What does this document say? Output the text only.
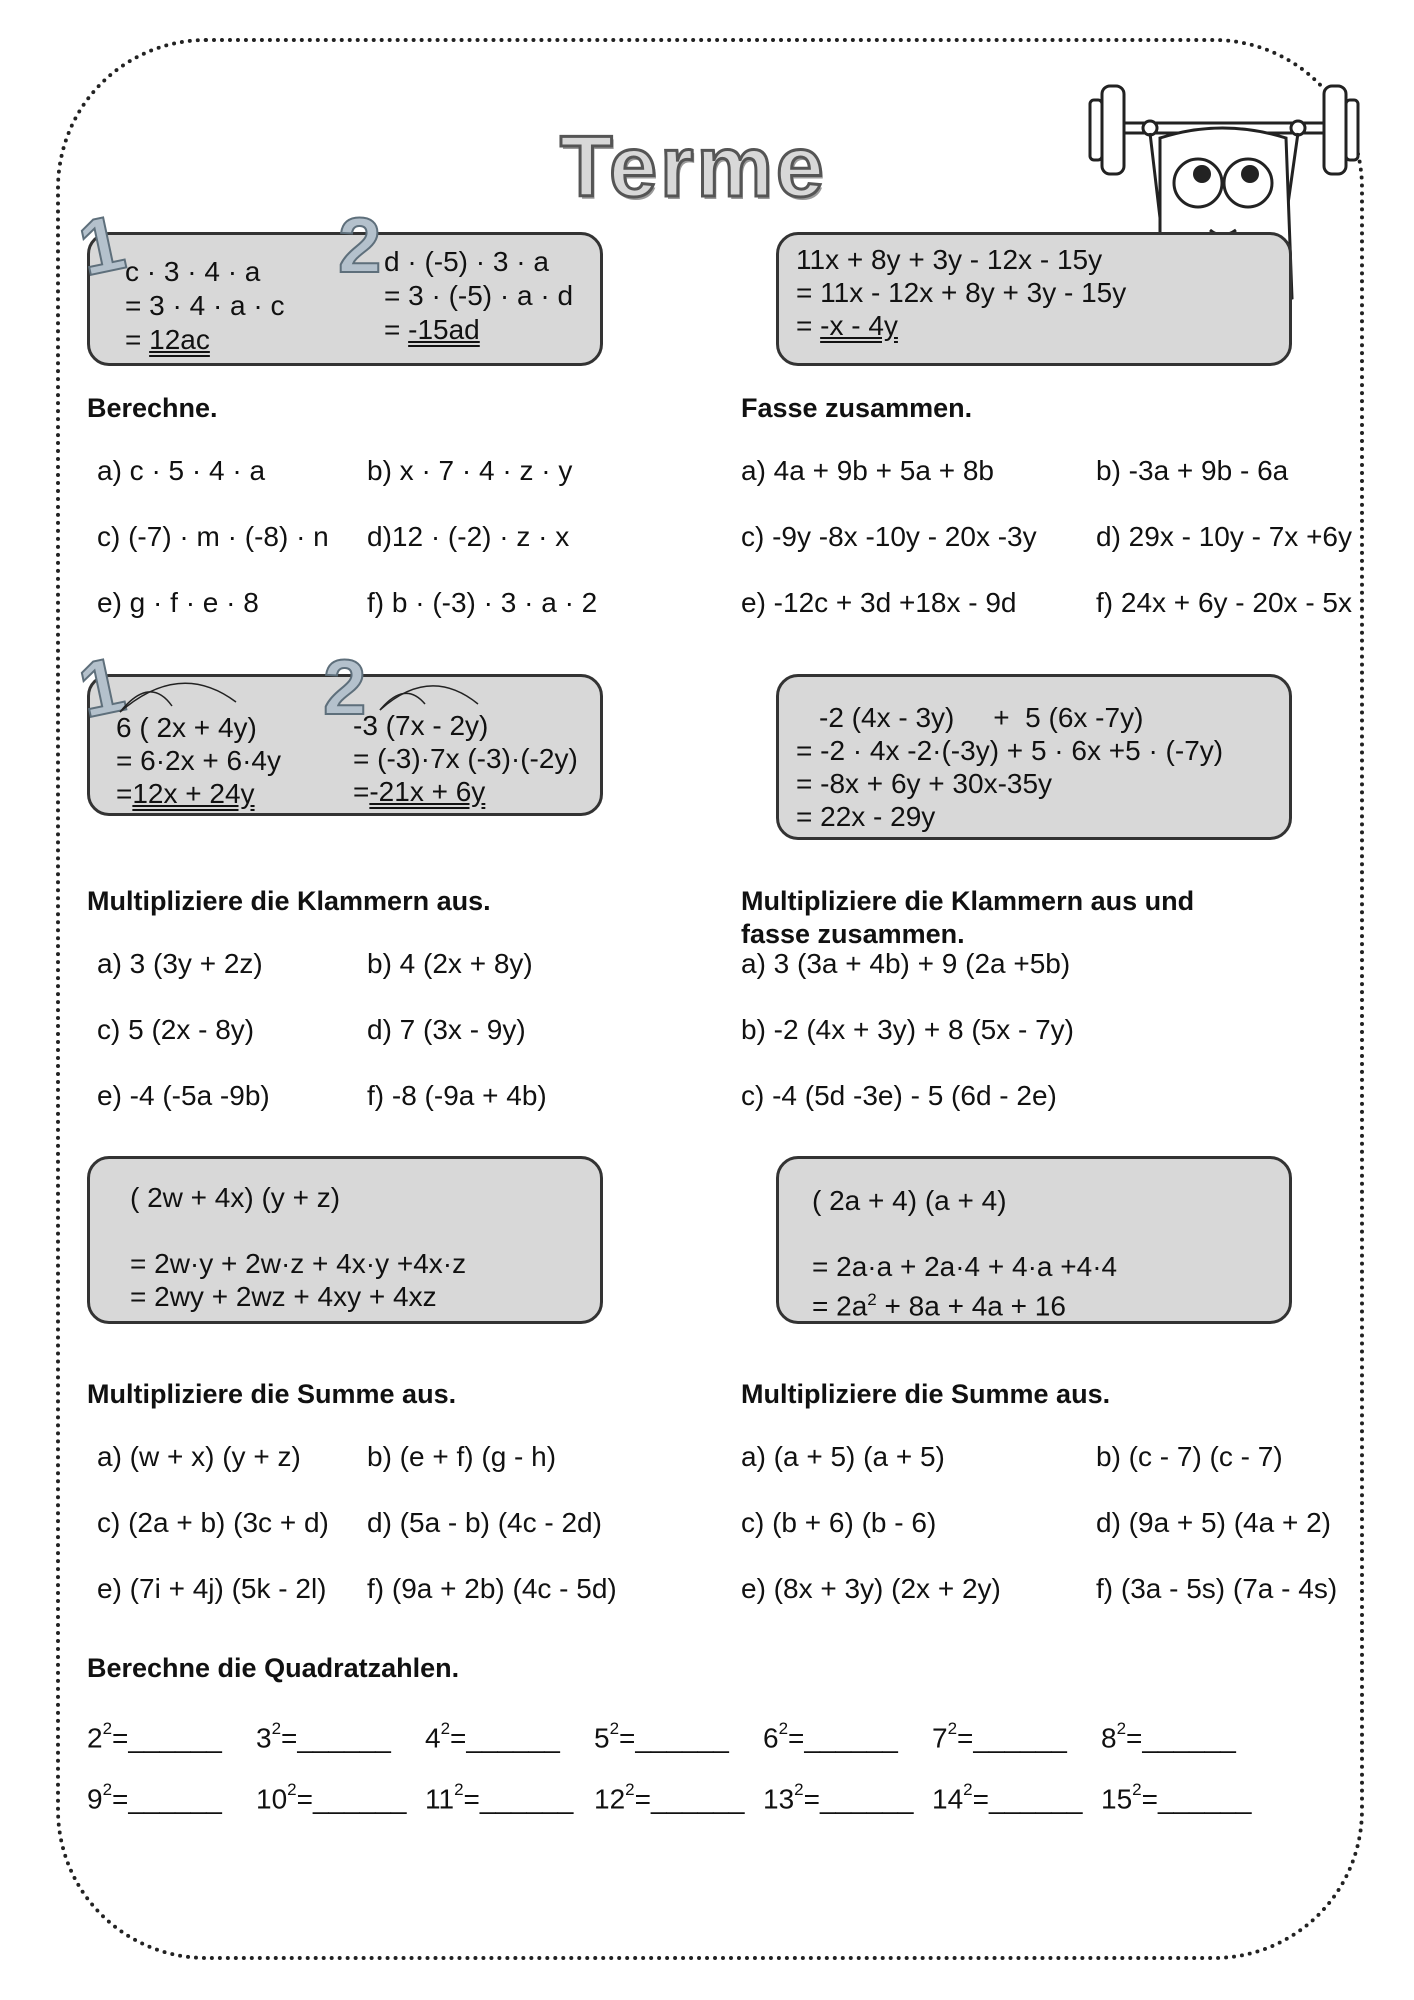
Terme
c · 3 · 4 · a
= 3 · 4 · a · c
= 12ac
d · (-5) · 3 · a
= 3 · (-5) · a · d
= -15ad
1	2	11x + 8y + 3y - 12x - 15y
= 11x - 12x + 8y + 3y - 15y
= -x - 4y
Berechne.
a) c · 5 · 4 · a	b) x · 7 · 4 · z · y
c) (-7) · m · (-8) · n d)12 · (-2) · z · x
e) g · f · e · 8	f) b · (-3) · 3 · a · 2
Fasse zusammen.
a) 4a + 9b + 5a + 8b	b) -3a + 9b - 6a
c) -9y -8x -10y - 20x -3y d) 29x - 10y - 7x +6y
e) -12c + 3d +18x - 9d	f) 24x + 6y - 20x - 5x
6 ( 2x + 4y)
= 6·2x + 6·4y
=12x + 24y
-3 (7x - 2y)
= (-3)·7x (-3)·(-2y)
=-21x + 6y
1 2	-2 (4x - 3y)     +  5 (6x -7y)
= -2 · 4x -2·(-3y) + 5 · 6x +5 · (-7y)
= -8x + 6y + 30x-35y
= 22x - 29y
Multipliziere die Klammern aus.
a) 3 (3y + 2z)	b) 4 (2x + 8y)
c) 5 (2x - 8y)	d) 7 (3x - 9y)
e) -4 (-5a -9b)	f) -8 (-9a + 4b)
Multipliziere die Klammern aus und
fasse zusammen.
a) 3 (3a + 4b) + 9 (2a +5b)
b) -2 (4x + 3y) + 8 (5x - 7y)
c) -4 (5d -3e) - 5 (6d - 2e)
( 2w + 4x) (y + z)
= 2w·y + 2w·z + 4x·y +4x·z
= 2wy + 2wz + 4xy + 4xz
( 2a + 4) (a + 4)
= 2a·a + 2a·4 + 4·a +4·4
= $2a^2 + 8a + 4a + 16$
Multipliziere die Summe aus.
a) (w + x) (y + z) b) (e + f) (g - h)
c) (2a + b) (3c + d) d) (5a - b) (4c - 2d)
e) (7i + 4j) (5k - 2l) f) (9a + 2b) (4c - 5d)
Multipliziere die Summe aus.
a) (a + 5) (a + 5)	b) (c - 7) (c - 7)
c) (b + 6) (b - 6)	d) (9a + 5) (4a + 2)
e) (8x + 3y) (2x + 2y)	f) (3a - 5s) (7a - 4s)
Berechne die Quadratzahlen.
$2^2=\_\_\_\_\_\_$ $3^2=\_\_\_\_\_\_$ $4^2=\_\_\_\_\_\_$ $5^2=\_\_\_\_\_\_$ $6^2=\_\_\_\_\_\_$ $7^2=\_\_\_\_\_\_$ $8^2=\_\_\_\_\_\_$
$9^2=\_\_\_\_\_\_$ $10^2=\_\_\_\_\_\_$ $11^2=\_\_\_\_\_\_$ $12^2=\_\_\_\_\_\_$ $13^2=\_\_\_\_\_\_$ $14^2=\_\_\_\_\_\_$ $15^2=\_\_\_\_\_\_$
